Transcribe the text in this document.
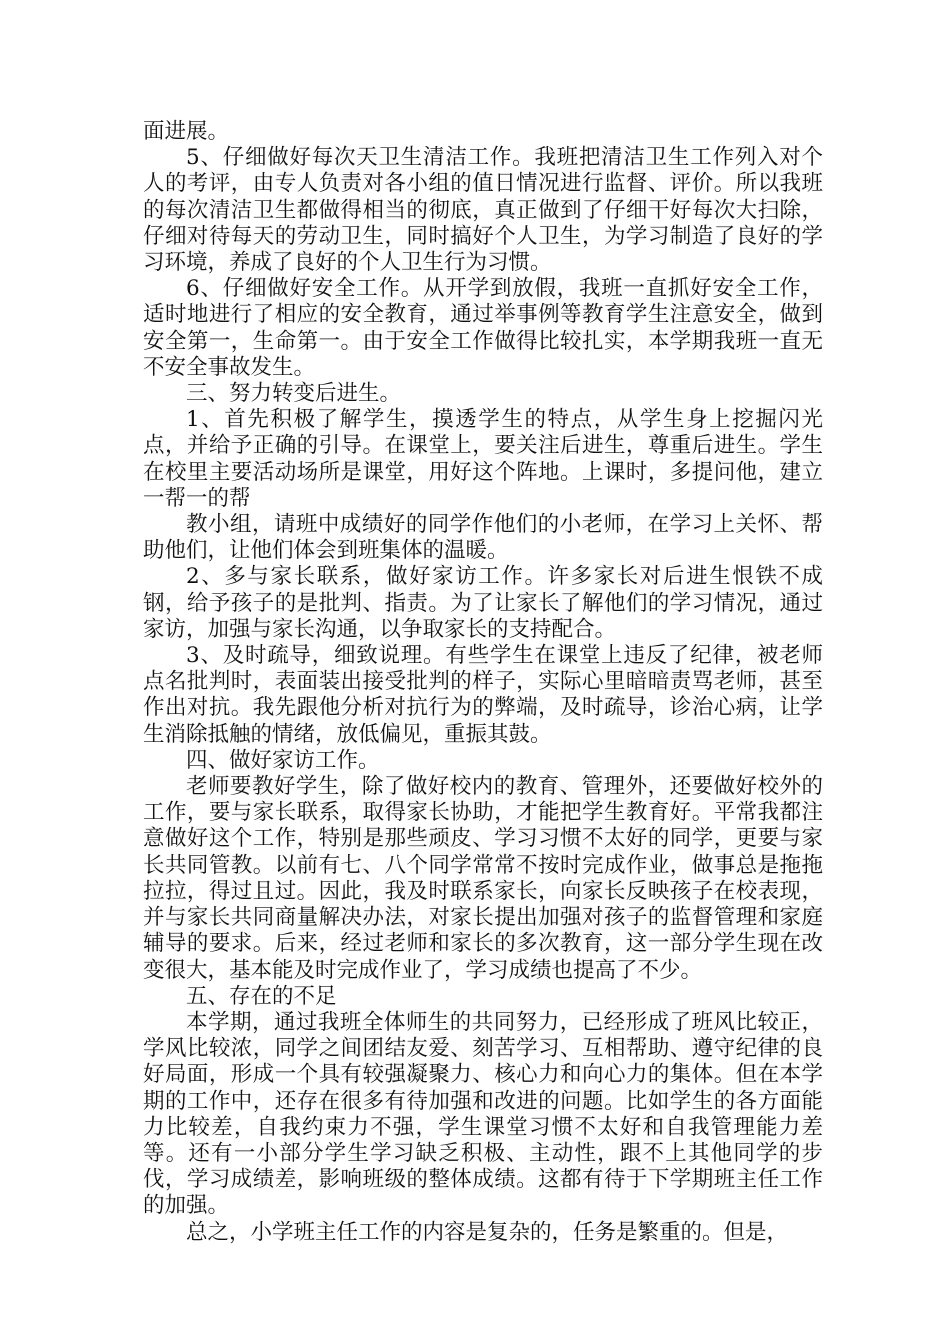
面进展。

5、仔细做好每次天卫生清洁工作。我班把清洁卫生工作列入对个人的考评，由专人负责对各小组的值日情况进行监督、评价。所以我班的每次清洁卫生都做得相当的彻底，真正做到了仔细干好每次大扫除，仔细对待每天的劳动卫生，同时搞好个人卫生，为学习制造了良好的学习环境，养成了良好的个人卫生行为习惯。

6、仔细做好安全工作。从开学到放假，我班一直抓好安全工作，适时地进行了相应的安全教育，通过举事例等教育学生注意安全，做到安全第一，生命第一。由于安全工作做得比较扎实，本学期我班一直无不安全事故发生。

三、努力转变后进生。

1、首先积极了解学生，摸透学生的特点，从学生身上挖掘闪光点，并给予正确的引导。在课堂上，要关注后进生，尊重后进生。学生在校里主要活动场所是课堂，用好这个阵地。上课时，多提问他，建立一帮一的帮

教小组，请班中成绩好的同学作他们的小老师，在学习上关怀、帮助他们，让他们体会到班集体的温暖。

2、多与家长联系，做好家访工作。许多家长对后进生恨铁不成钢，给予孩子的是批判、指责。为了让家长了解他们的学习情况，通过家访，加强与家长沟通，以争取家长的支持配合。

3、及时疏导，细致说理。有些学生在课堂上违反了纪律，被老师点名批判时，表面装出接受批判的样子，实际心里暗暗责骂老师，甚至作出对抗。我先跟他分析对抗行为的弊端，及时疏导，诊治心病，让学生消除抵触的情绪，放低偏见，重振其鼓。

四、做好家访工作。

老师要教好学生，除了做好校内的教育、管理外，还要做好校外的工作，要与家长联系，取得家长协助，才能把学生教育好。平常我都注意做好这个工作，特别是那些顽皮、学习习惯不太好的同学，更要与家长共同管教。以前有七、八个同学常常不按时完成作业，做事总是拖拖拉拉，得过且过。因此，我及时联系家长，向家长反映孩子在校表现，并与家长共同商量解决办法，对家长提出加强对孩子的监督管理和家庭辅导的要求。后来，经过老师和家长的多次教育，这一部分学生现在改变很大，基本能及时完成作业了，学习成绩也提高了不少。

五、存在的不足

本学期，通过我班全体师生的共同努力，已经形成了班风比较正，学风比较浓，同学之间团结友爱、刻苦学习、互相帮助、遵守纪律的良好局面，形成一个具有较强凝聚力、核心力和向心力的集体。但在本学期的工作中，还存在很多有待加强和改进的问题。比如学生的各方面能力比较差，自我约束力不强，学生课堂习惯不太好和自我管理能力差等。还有一小部分学生学习缺乏积极、主动性，跟不上其他同学的步伐，学习成绩差，影响班级的整体成绩。这都有待于下学期班主任工作的加强。

总之，小学班主任工作的内容是复杂的，任务是繁重的。但是，
